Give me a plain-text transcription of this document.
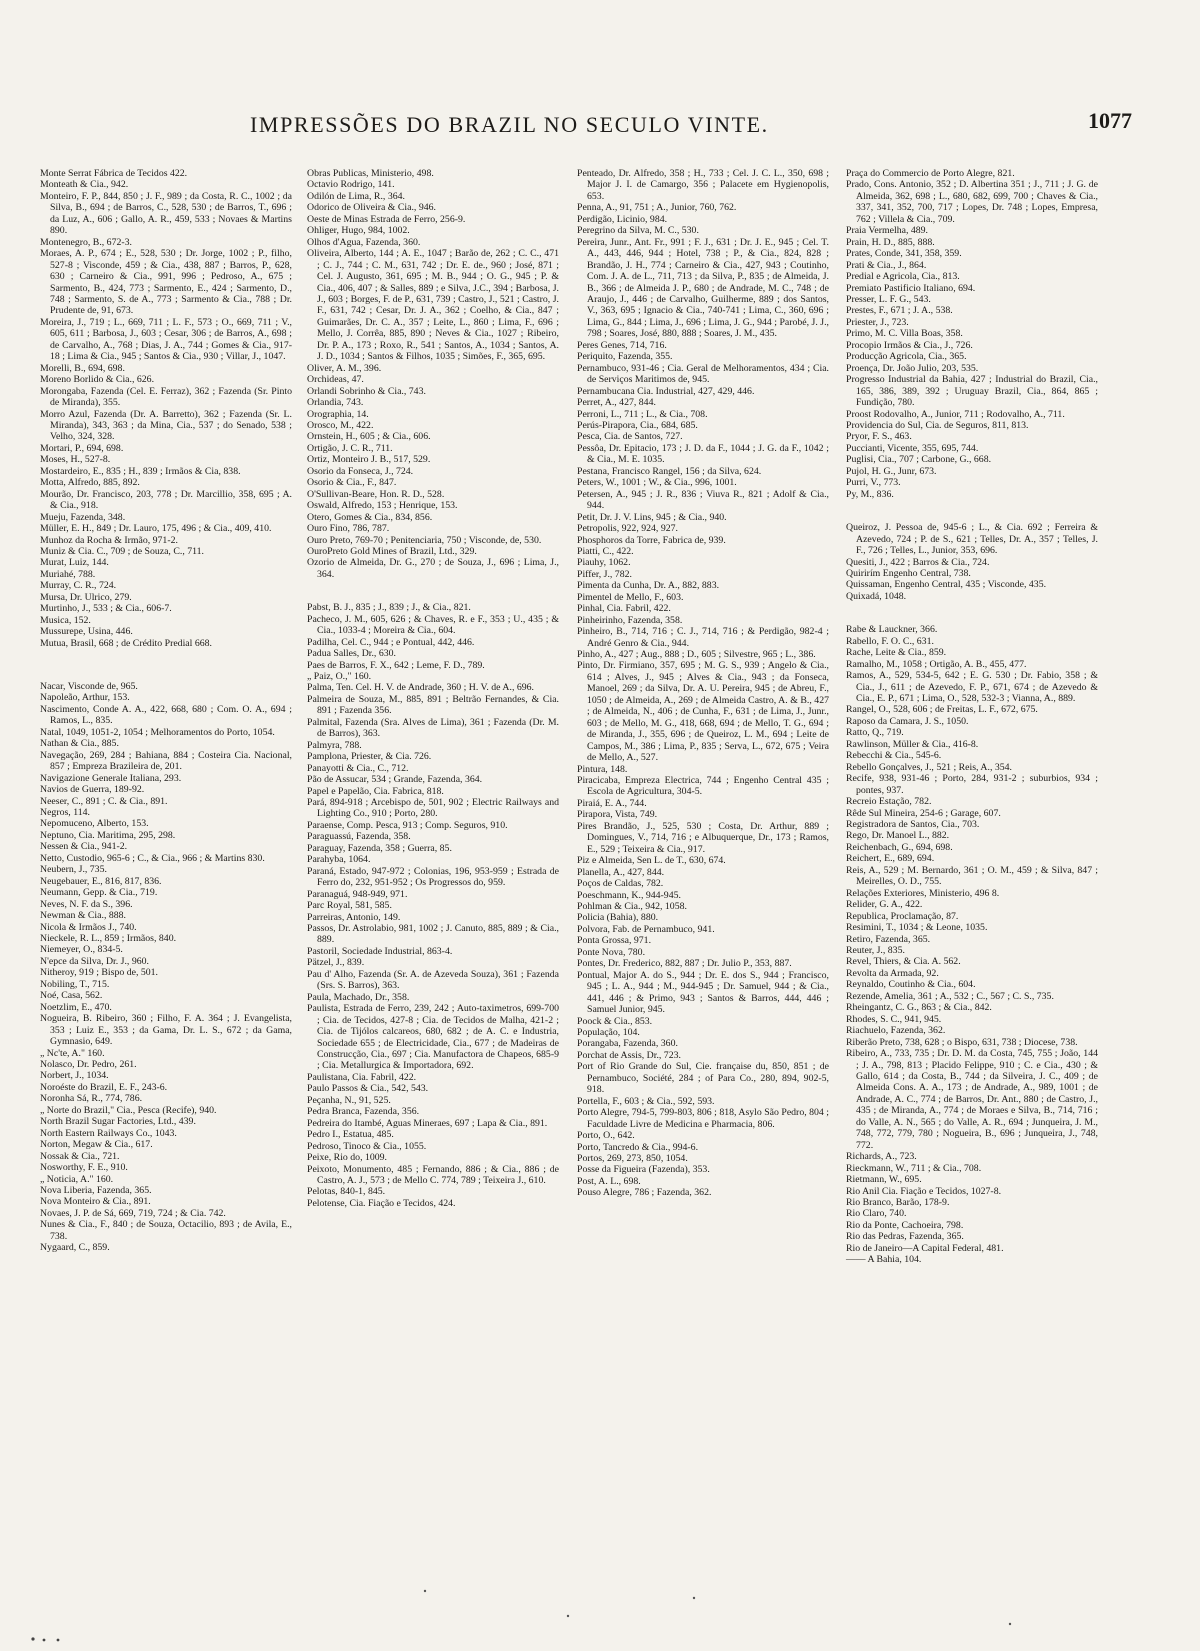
IMPRESSÕES DO BRAZIL NO SECULO VINTE.	1077

Monte Serrat Fábrica de Tecidos 422.

Monteath & Cia., 942.

Monteiro, F. P., 844, 850 ; J. F., 989 ; da Costa, R. C., 1002 ; da Silva, B., 694 ; de Barros, C., 528, 530 ; de Barros, T., 696 ; da Luz, A., 606 ; Gallo, A. R., 459, 533 ; Novaes & Martins 890.

Montenegro, B., 672-3.

Moraes, A. P., 674 ; E., 528, 530 ; Dr. Jorge, 1002 ; P., filho, 527-8 ; Visconde, 459 ; & Cia., 438, 887 ; Barros, P., 628, 630 ; Carneiro & Cia., 991, 996 ; Pedroso, A., 675 ; Sarmento, B., 424, 773 ; Sarmento, E., 424 ; Sarmento, D., 748 ; Sarmento, S. de A., 773 ; Sarmento & Cia., 788 ; Dr. Prudente de, 91, 673.

Moreira, J., 719 ; L., 669, 711 ; L. F., 573 ; O., 669, 711 ; V., 605, 611 ; Barbosa, J., 603 ; Cesar, 306 ; de Barros, A., 698 ; de Carvalho, A., 768 ; Dias, J. A., 744 ; Gomes & Cia., 917-18 ; Lima & Cia., 945 ; Santos & Cia., 930 ; Villar, J., 1047.

Morelli, B., 694, 698.

Moreno Borlido & Cia., 626.

Morongaba, Fazenda (Cel. E. Ferraz), 362 ; Fazenda (Sr. Pinto de Miranda), 355.

Morro Azul, Fazenda (Dr. A. Barretto), 362 ; Fazenda (Sr. L. Miranda), 343, 363 ; da Mina, Cia., 537 ; do Senado, 538 ; Velho, 324, 328.

Mortari, P., 694, 698.

Moses, H., 527-8.

Mostardeiro, E., 835 ; H., 839 ; Irmãos & Cia, 838.

Motta, Alfredo, 885, 892.

Mourão, Dr. Francisco, 203, 778 ; Dr. Marcillio, 358, 695 ; A. & Cia., 918.

Mueju, Fazenda, 348.

Müller, E. H., 849 ; Dr. Lauro, 175, 496 ; & Cia., 409, 410.

Munhoz da Rocha & Irmão, 971-2.

Muniz & Cia. C., 709 ; de Souza, C., 711.

Murat, Luiz, 144.

Muriahé, 788.

Murray, C. R., 724.

Mursa, Dr. Ulrico, 279.

Murtinho, J., 533 ; & Cia., 606-7.

Musica, 152.

Mussurepe, Usina, 446.

Mutua, Brasil, 668 ; de Crédito Predial 668.

Nacar, Visconde de, 965.

Napoleão, Arthur, 153.

Nascimento, Conde A. A., 422, 668, 680 ; Com. O. A., 694 ; Ramos, L., 835.

Natal, 1049, 1051-2, 1054 ; Melhoramentos do Porto, 1054.

Nathan & Cia., 885.

Navegação, 269, 284 ; Bahiana, 884 ; Costeira Cia. Nacional, 857 ; Empreza Brazileira de, 201.

Navigazione Generale Italiana, 293.

Navios de Guerra, 189-92.

Neeser, C., 891 ; C. & Cia., 891.

Negros, 114.

Nepomuceno, Alberto, 153.

Neptuno, Cia. Maritima, 295, 298.

Nessen & Cia., 941-2.

Netto, Custodio, 965-6 ; C., & Cia., 966 ; & Martins 830.

Neubern, J., 735.

Neugebauer, E., 816, 817, 836.

Neumann, Gepp. & Cia., 719.

Neves, N. F. da S., 396.

Newman & Cia., 888.

Nicola & Irmãos J., 740.

Nieckele, R. L., 859 ; Irmãos, 840.

Niemeyer, O., 834-5.

N'epce da Silva, Dr. J., 960.

Nitheroy, 919 ; Bispo de, 501.

Nobiling, T., 715.

Noé, Casa, 562.

Noetzlim, E., 470.

Nogueira, B. Ribeiro, 360 ; Filho, F. A. 364 ; J. Evangelista, 353 ; Luiz E., 353 ; da Gama, Dr. L. S., 672 ; da Gama, Gymnasio, 649.

„ Nc'te, A." 160.

Nolasco, Dr. Pedro, 261.

Norbert, J., 1034.

Noroéste do Brazil, E. F., 243-6.

Noronha Sá, R., 774, 786.

„ Norte do Brazil," Cia., Pesca (Recife), 940.

North Brazil Sugar Factories, Ltd., 439.

North Eastern Railways Co., 1043.

Norton, Megaw & Cia., 617.

Nossak & Cia., 721.

Nosworthy, F. E., 910.

„ Noticia, A." 160.

Nova Liberia, Fazenda, 365.

Nova Monteiro & Cia., 891.

Novaes, J. P. de Sá, 669, 719, 724 ; & Cia. 742.

Nunes & Cia., F., 840 ; de Souza, Octacilio, 893 ; de Avila, E., 738.

Nygaard, C., 859.

Obras Publicas, Ministerio, 498.

Octavio Rodrigo, 141.

Odilón de Lima, R., 364.

Odorico de Oliveira & Cia., 946.

Oeste de Minas Estrada de Ferro, 256-9.

Ohliger, Hugo, 984, 1002.

Olhos d'Agua, Fazenda, 360.

Oliveira, Alberto, 144 ; A. E., 1047 ; Barão de, 262 ; C. C., 471 ; C. J., 744 ; C. M., 631, 742 ; Dr. E. de., 960 ; José, 871 ; Cel. J. Augusto, 361, 695 ; M. B., 944 ; O. G., 945 ; P. & Cia., 406, 407 ; & Salles, 889 ; e Silva, J.C., 394 ; Barbosa, J. J., 603 ; Borges, F. de P., 631, 739 ; Castro, J., 521 ; Castro, J. F., 631, 742 ; Cesar, Dr. J. A., 362 ; Coelho, & Cia., 847 ; Guimarães, Dr. C. A., 357 ; Leite, L., 860 ; Lima, F., 696 ; Mello, J. Corrêa, 885, 890 ; Neves & Cia., 1027 ; Ribeiro, Dr. P. A., 173 ; Roxo, R., 541 ; Santos, A., 1034 ; Santos, A. J. D., 1034 ; Santos & Filhos, 1035 ; Simões, F., 365, 695.

Oliver, A. M., 396.

Orchideas, 47.

Orlandi Sobrinho & Cia., 743.

Orlandia, 743.

Orographia, 14.

Orosco, M., 422.

Ornstein, H., 605 ; & Cia., 606.

Ortigão, J. C. R., 711.

Ortiz, Monteiro J. B., 517, 529.

Osorio da Fonseca, J., 724.

Osorio & Cia., F., 847.

O'Sullivan-Beare, Hon. R. D., 528.

Oswald, Alfredo, 153 ; Henrique, 153.

Otero, Gomes & Cia., 834, 856.

Ouro Fino, 786, 787.

Ouro Preto, 769-70 ; Penitenciaria, 750 ; Visconde, de, 530.

OuroPreto Gold Mines of Brazil, Ltd., 329.

Ozorio de Almeida, Dr. G., 270 ; de Souza, J., 696 ; Lima, J., 364.

Pabst, B. J., 835 ; J., 839 ; J., & Cia., 821.

Pacheco, J. M., 605, 626 ; & Chaves, R. e F., 353 ; U., 435 ; & Cia., 1033-4 ; Moreira & Cia., 604.

Padilha, Cel. C., 944 ; e Pontual, 442, 446.

Padua Salles, Dr., 630.

Paes de Barros, F. X., 642 ; Leme, F. D., 789.

„ Paiz, O.," 160.

Palma, Ten. Cel. H. V. de Andrade, 360 ; H. V. de A., 696.

Palmeira de Souza, M., 885, 891 ; Beltrão Fernandes, & Cia. 891 ; Fazenda 356.

Palmital, Fazenda (Sra. Alves de Lima), 361 ; Fazenda (Dr. M. de Barros), 363.

Palmyra, 788.

Pamplona, Priester, & Cia. 726.

Panayotti & Cia., C., 712.

Pão de Assucar, 534 ; Grande, Fazenda, 364.

Papel e Papelão, Cia. Fabrica, 818.

Pará, 894-918 ; Arcebispo de, 501, 902 ; Electric Railways and Lighting Co., 910 ; Porto, 280.

Paraense, Comp. Pesca, 913 ; Comp. Seguros, 910.

Paraguassú, Fazenda, 358.

Paraguay, Fazenda, 358 ; Guerra, 85.

Parahyba, 1064.

Paraná, Estado, 947-972 ; Colonias, 196, 953-959 ; Estrada de Ferro do, 232, 951-952 ; Os Progressos do, 959.

Paranaguá, 948-949, 971.

Parc Royal, 581, 585.

Parreiras, Antonio, 149.

Passos, Dr. Astrolabio, 981, 1002 ; J. Canuto, 885, 889 ; & Cia., 889.

Pastoril, Sociedade Industrial, 863-4.

Pätzel, J., 839.

Pau d' Alho, Fazenda (Sr. A. de Azeveda Souza), 361 ; Fazenda (Srs. S. Barros), 363.

Paula, Machado, Dr., 358.

Paulista, Estrada de Ferro, 239, 242 ; Auto-taximetros, 699-700 ; Cia. de Tecidos, 427-8 ; Cia. de Tecidos de Malha, 421-2 ; Cia. de Tijólos calcareos, 680, 682 ; de A. C. e Industria, Sociedade 655 ; de Electricidade, Cia., 677 ; de Madeiras de Construcção, Cia., 697 ; Cia. Manufactora de Chapeos, 685-9 ; Cia. Metallurgica & Importadora, 692.

Paulistana, Cia. Fabril, 422.

Paulo Passos & Cia., 542, 543.

Peçanha, N., 91, 525.

Pedra Branca, Fazenda, 356.

Pedreira do Itambé, Aguas Mineraes, 697 ; Lapa & Cia., 891.

Pedro I., Estatua, 485.

Pedroso, Tinoco & Cia., 1055.

Peixe, Rio do, 1009.

Peixoto, Monumento, 485 ; Fernando, 886 ; & Cia., 886 ; de Castro, A. J., 573 ; de Mello C. 774, 789 ; Teixeira J., 610.

Pelotas, 840-1, 845.

Pelotense, Cia. Fiação e Tecidos, 424.

Penteado, Dr. Alfredo, 358 ; H., 733 ; Cel. J. C. L., 350, 698 ; Major J. I. de Camargo, 356 ; Palacete em Hygienopolis, 653.

Penna, A., 91, 751 ; A., Junior, 760, 762.

Perdigão, Licinio, 984.

Peregrino da Silva, M. C., 530.

Pereira, Junr., Ant. Fr., 991 ; F. J., 631 ; Dr. J. E., 945 ; Cel. T. A., 443, 446, 944 ; Hotel, 738 ; P., & Cia., 824, 828 ; Brandão, J. H., 774 ; Carneiro & Cia., 427, 943 ; Coutinho, Com. J. A. de L., 711, 713 ; da Silva, P., 835 ; de Almeida, J. B., 366 ; de Almeida J. P., 680 ; de Andrade, M. C., 748 ; de Araujo, J., 446 ; de Carvalho, Guilherme, 889 ; dos Santos, V., 363, 695 ; Ignacio & Cia., 740-741 ; Lima, C., 360, 696 ; Lima, G., 844 ; Lima, J., 696 ; Lima, J. G., 944 ; Parobé, J. J., 798 ; Soares, José, 880, 888 ; Soares, J. M., 435.

Peres Genes, 714, 716.

Periquito, Fazenda, 355.

Pernambuco, 931-46 ; Cia. Geral de Melhoramentos, 434 ; Cia. de Serviços Maritimos de, 945.

Pernambucana Cia. Industrial, 427, 429, 446.

Perret, A., 427, 844.

Perroni, L., 711 ; L., & Cia., 708.

Perús-Pirapora, Cia., 684, 685.

Pesca, Cia. de Santos, 727.

Pessôa, Dr. Epitacio, 173 ; J. D. da F., 1044 ; J. G. da F., 1042 ; & Cia., M. E. 1035.

Pestana, Francisco Rangel, 156 ; da Silva, 624.

Peters, W., 1001 ; W., & Cia., 996, 1001.

Petersen, A., 945 ; J. R., 836 ; Viuva R., 821 ; Adolf & Cia., 944.

Petit, Dr. J. V. Lins, 945 ; & Cia., 940.

Petropolis, 922, 924, 927.

Phosphoros da Torre, Fabrica de, 939.

Piatti, C., 422.

Piauhy, 1062.

Piffer, J., 782.

Pimenta da Cunha, Dr. A., 882, 883.

Pimentel de Mello, F., 603.

Pinhal, Cia. Fabril, 422.

Pinheirinho, Fazenda, 358.

Pinheiro, B., 714, 716 ; C. J., 714, 716 ; & Perdigão, 982-4 ; André Genro & Cia., 944.

Pinho, A., 427 ; Aug., 888 ; D., 605 ; Silvestre, 965 ; L., 386.

Pinto, Dr. Firmiano, 357, 695 ; M. G. S., 939 ; Angelo & Cia., 614 ; Alves, J., 945 ; Alves & Cia., 943 ; da Fonseca, Manoel, 269 ; da Silva, Dr. A. U. Pereira, 945 ; de Abreu, F., 1050 ; de Almeida, A., 269 ; de Almeida Castro, A. & B., 427 ; de Almeida, N., 406 ; de Cunha, F., 631 ; de Lima, J., Junr., 603 ; de Mello, M. G., 418, 668, 694 ; de Mello, T. G., 694 ; de Miranda, J., 355, 696 ; de Queiroz, L. M., 694 ; Leite de Campos, M., 386 ; Lima, P., 835 ; Serva, L., 672, 675 ; Veira de Mello, A., 527.

Pintura, 148.

Piracicaba, Empreza Electrica, 744 ; Engenho Central 435 ; Escola de Agricultura, 304-5.

Piraiá, E. A., 744.

Pirapora, Vista, 749.

Pires Brandão, J., 525, 530 ; Costa, Dr. Arthur, 889 ; Domingues, V., 714, 716 ; e Albuquerque, Dr., 173 ; Ramos, E., 529 ; Teixeira & Cia., 917.

Piz e Almeida, Sen L. de T., 630, 674.

Planella, A., 427, 844.

Poços de Caldas, 782.

Poeschmann, K., 944-945.

Pohlman & Cia., 942, 1058.

Policia (Bahia), 880.

Polvora, Fab. de Pernambuco, 941.

Ponta Grossa, 971.

Ponte Nova, 780.

Pontes, Dr. Frederico, 882, 887 ; Dr. Julio P., 353, 887.

Pontual, Major A. do S., 944 ; Dr. E. dos S., 944 ; Francisco, 945 ; L. A., 944 ; M., 944-945 ; Dr. Samuel, 944 ; & Cia., 441, 446 ; & Primo, 943 ; Santos & Barros, 444, 446 ; Samuel Junior, 945.

Poock & Cia., 853.

População, 104.

Porangaba, Fazenda, 360.

Porchat de Assis, Dr., 723.

Port of Rio Grande do Sul, Cie. française du, 850, 851 ; de Pernambuco, Société, 284 ; of Para Co., 280, 894, 902-5, 918.

Portella, F., 603 ; & Cia., 592, 593.

Porto Alegre, 794-5, 799-803, 806 ; 818, Asylo São Pedro, 804 ; Faculdade Livre de Medicina e Pharmacia, 806.

Porto, O., 642.

Porto, Tancredo & Cia., 994-6.

Portos, 269, 273, 850, 1054.

Posse da Figueira (Fazenda), 353.

Post, A. L., 698.

Pouso Alegre, 786 ; Fazenda, 362.

Praça do Commercio de Porto Alegre, 821.

Prado, Cons. Antonio, 352 ; D. Albertina 351 ; J., 711 ; J. G. de Almeida, 362, 698 ; L., 680, 682, 699, 700 ; Chaves & Cia., 337, 341, 352, 700, 717 ; Lopes, Dr. 748 ; Lopes, Empresa, 762 ; Villela & Cia., 709.

Praia Vermelha, 489.

Prain, H. D., 885, 888.

Prates, Conde, 341, 358, 359.

Prati & Cia., J., 864.

Predial e Agricola, Cia., 813.

Premiato Pastificio Italiano, 694.

Presser, L. F. G., 543.

Prestes, F., 671 ; J. A., 538.

Priester, J., 723.

Primo, M. C. Villa Boas, 358.

Procopio Irmãos & Cia., J., 726.

Producção Agricola, Cia., 365.

Proença, Dr. João Julio, 203, 535.

Progresso Industrial da Bahia, 427 ; Industrial do Brazil, Cia., 165, 386, 389, 392 ; Uruguay Brazil, Cia., 864, 865 ; Fundição, 780.

Proost Rodovalho, A., Junior, 711 ; Rodovalho, A., 711.

Providencia do Sul, Cia. de Seguros, 811, 813.

Pryor, F. S., 463.

Puccianti, Vicente, 355, 695, 744.

Puglisi, Cia., 707 ; Carbone, G., 668.

Pujol, H. G., Junr, 673.

Purri, V., 773.

Py, M., 836.

Queiroz, J. Pessoa de, 945-6 ; L., & Cia. 692 ; Ferreira & Azevedo, 724 ; P. de S., 621 ; Telles, Dr. A., 357 ; Telles, J. F., 726 ; Telles, L., Junior, 353, 696.

Quesiti, J., 422 ; Barros & Cia., 724.

Quirirím Engenho Central, 738.

Quissaman, Engenho Central, 435 ; Visconde, 435.

Quixadá, 1048.

Rabe & Lauckner, 366.

Rabello, F. O. C., 631.

Rache, Leite & Cia., 859.

Ramalho, M., 1058 ; Ortigão, A. B., 455, 477.

Ramos, A., 529, 534-5, 642 ; E. G. 530 ; Dr. Fabio, 358 ; & Cia., J., 611 ; de Azevedo, F. P., 671, 674 ; de Azevedo & Cia., E. P., 671 ; Lima, O., 528, 532-3 ; Vianna, A., 889.

Rangel, O., 528, 606 ; de Freitas, L. F., 672, 675.

Raposo da Camara, J. S., 1050.

Ratto, Q., 719.

Rawlinson, Müller & Cia., 416-8.

Rebecchi & Cia., 545-6.

Rebello Gonçalves, J., 521 ; Reis, A., 354.

Recife, 938, 931-46 ; Porto, 284, 931-2 ; suburbios, 934 ; pontes, 937.

Recreio Estação, 782.

Rêde Sul Mineira, 254-6 ; Garage, 607.

Registradora de Santos, Cia., 703.

Rego, Dr. Manoel L., 882.

Reichenbach, G., 694, 698.

Reichert, E., 689, 694.

Reis, A., 529 ; M. Bernardo, 361 ; O. M., 459 ; & Silva, 847 ; Meirelles, O. D., 755.

Relações Exteriores, Ministerio, 496 8.

Relider, G. A., 422.

Republica, Proclamação, 87.

Resimini, T., 1034 ; & Leone, 1035.

Retiro, Fazenda, 365.

Reuter, J., 835.

Revel, Thiers, & Cia. A. 562.

Revolta da Armada, 92.

Reynaldo, Coutinho & Cia., 604.

Rezende, Amelia, 361 ; A., 532 ; C., 567 ; C. S., 735.

Rheingantz, C. G., 863 ; & Cia., 842.

Rhodes, S. C., 941, 945.

Riachuelo, Fazenda, 362.

Riberão Preto, 738, 628 ; o Bispo, 631, 738 ; Diocese, 738.

Ribeiro, A., 733, 735 ; Dr. D. M. da Costa, 745, 755 ; João, 144 ; J. A., 798, 813 ; Placido Felippe, 910 ; C. e Cia., 430 ; & Gallo, 614 ; da Costa, B., 744 ; da Silveira, J. C., 409 ; de Almeida Cons. A. A., 173 ; de Andrade, A., 989, 1001 ; de Andrade, A. C., 774 ; de Barros, Dr. Ant., 880 ; de Castro, J., 435 ; de Miranda, A., 774 ; de Moraes e Silva, B., 714, 716 ; do Valle, A. N., 565 ; do Valle, A. R., 694 ; Junqueira, J. M., 748, 772, 779, 780 ; Nogueira, B., 696 ; Junqueira, J., 748, 772.

Richards, A., 723.

Rieckmann, W., 711 ; & Cia., 708.

Rietmann, W., 695.

Rio Anil Cia. Fiação e Tecidos, 1027-8.

Rio Branco, Barão, 178-9.

Rio Claro, 740.

Rio da Ponte, Cachoeira, 798.

Rio das Pedras, Fazenda, 365.

Rio de Janeiro—A Capital Federal, 481.

—— A Bahia, 104.
